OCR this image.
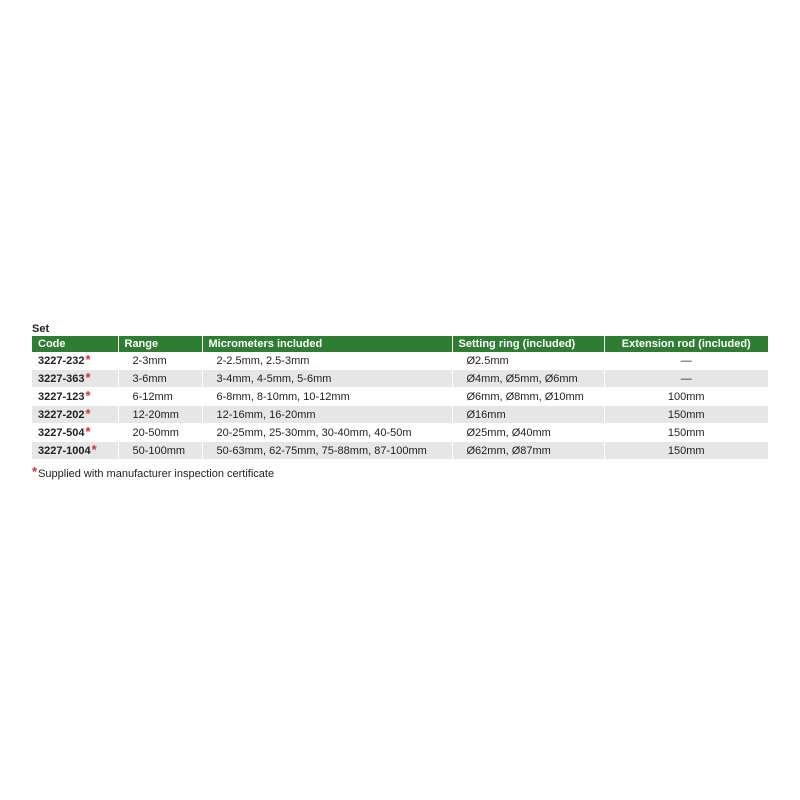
Set
Code	Range	Micrometers included	Setting ring (included)	Extension rod (included)
3227-232*	2-3mm	2-2.5mm, 2.5-3mm	Ø2.5mm	—
3227-363*	3-6mm	3-4mm, 4-5mm, 5-6mm	Ø4mm, Ø5mm, Ø6mm	—
3227-123*	6-12mm	6-8mm, 8-10mm, 10-12mm	Ø6mm, Ø8mm, Ø10mm	100mm
3227-202*	12-20mm	12-16mm, 16-20mm	Ø16mm	150mm
3227-504*	20-50mm	20-25mm, 25-30mm, 30-40mm, 40-50m	Ø25mm, Ø40mm	150mm
3227-1004*	50-100mm	50-63mm, 62-75mm, 75-88mm, 87-100mm	Ø62mm, Ø87mm	150mm
*Supplied with manufacturer inspection certificate
